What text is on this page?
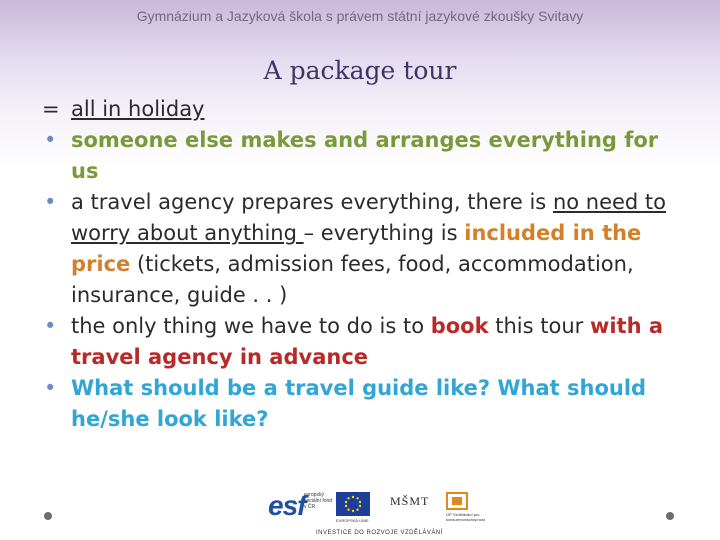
Gymnázium a Jazyková škola s právem státní jazykové zkoušky Svitavy
A package tour
= all in holiday
• someone else makes and arranges everything for us
• a travel agency prepares everything, there is no need to worry about anything – everything is included in the price (tickets, admission fees, food, accommodation, insurance, guide . . )
• the only thing we have to do is to book this tour with a travel agency in advance
• What should be a travel guide like? What should he/she look like?
esf
evropský sociální fond v ČR
EVROPSKÁ UNIE
MŠMT
OP Vzdělávání pro konkurenceschopnost
INVESTICE DO ROZVOJE VZDĚLÁVÁNÍ
